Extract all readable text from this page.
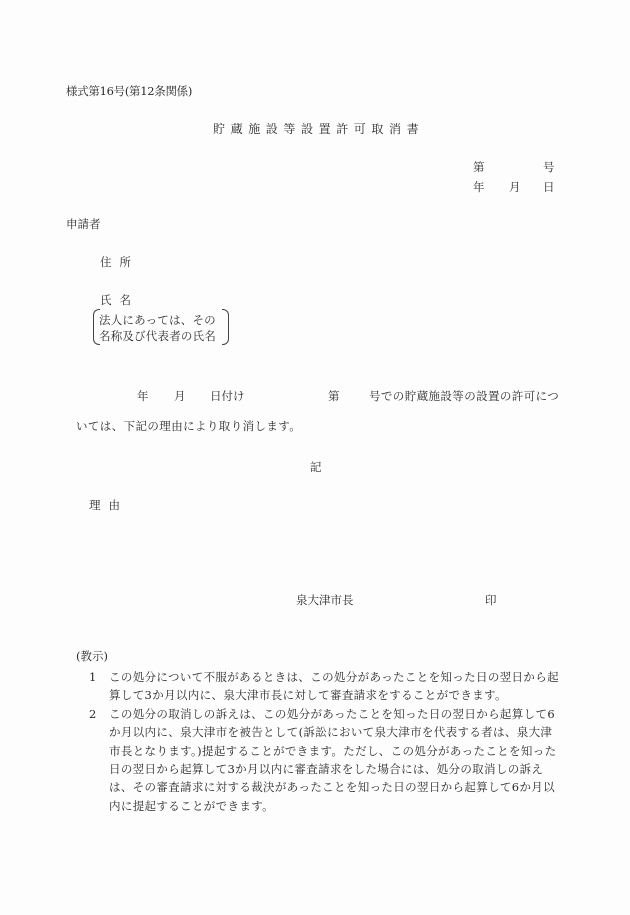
様式第16号(第12条関係)
貯蔵施設等設置許可取消書
第	号
年 月 日
申請者
住所
氏名
法人にあっては、その
名称及び代表者の氏名
年 月 日付け	第	号での貯蔵施設等の設置の許可につ
いては、下記の理由により取り消します。
記
理由
泉大津市長	印
(教示)
1	この処分について不服があるときは、この処分があったことを知った日の翌日から起算して3か月以内に、泉大津市長に対して審査請求をすることができます。
2	この処分の取消しの訴えは、この処分があったことを知った日の翌日から起算して6か月以内に、泉大津市を被告として(訴訟において泉大津市を代表する者は、泉大津市長となります。)提起することができます。ただし、この処分があったことを知った日の翌日から起算して3か月以内に審査請求をした場合には、処分の取消しの訴えは、その審査請求に対する裁決があったことを知った日の翌日から起算して6か月以内に提起することができます。
